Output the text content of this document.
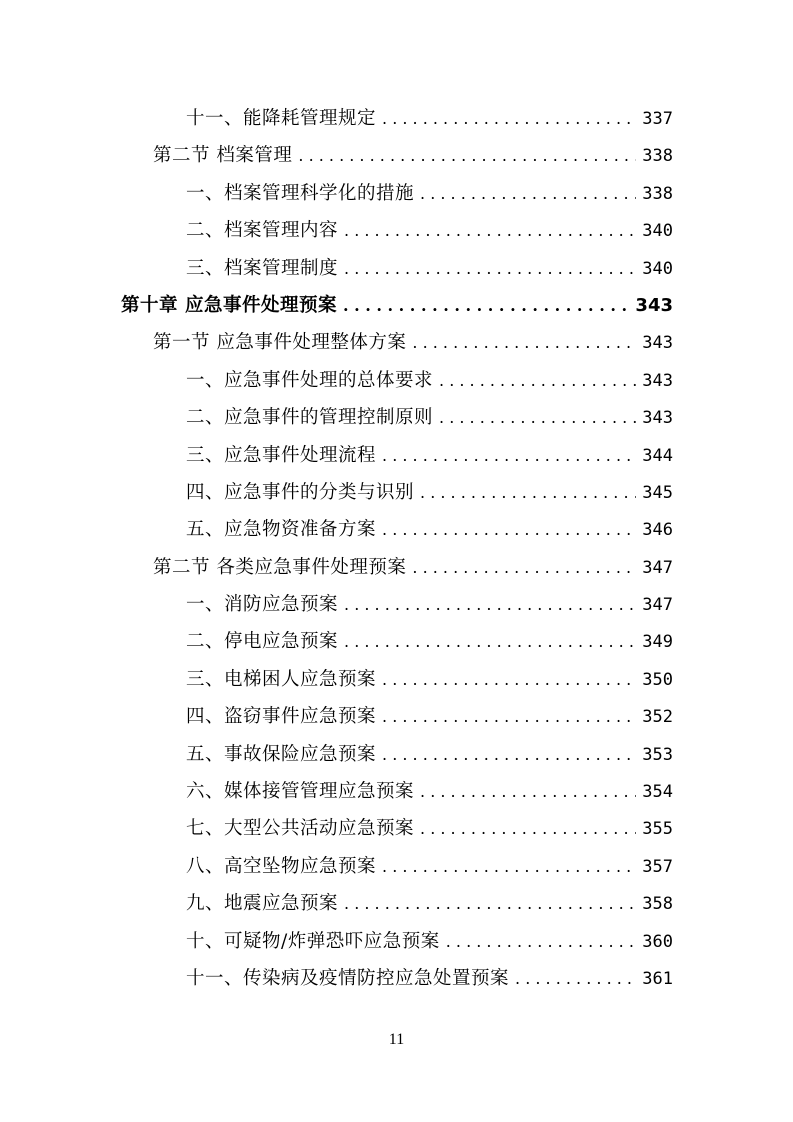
十一、能降耗管理规定 . . .	337
第二节 档案管理 . . .	338
一、档案管理科学化的措施 . . .	338
二、档案管理内容 . . .	340
三、档案管理制度 . . .	340
第十章 应急事件处理预案 . . .	343
第一节 应急事件处理整体方案 . . .	343
一、应急事件处理的总体要求 . . .	343
二、应急事件的管理控制原则 . . .	343
三、应急事件处理流程 . . .	344
四、应急事件的分类与识别 . . .	345
五、应急物资准备方案 . . .	346
第二节 各类应急事件处理预案 . . .	347
一、消防应急预案 . . .	347
二、停电应急预案 . . .	349
三、电梯困人应急预案 . . .	350
四、盗窃事件应急预案 . . .	352
五、事故保险应急预案 . . .	353
六、媒体接管管理应急预案 . . .	354
七、大型公共活动应急预案 . . .	355
八、高空坠物应急预案 . . .	357
九、地震应急预案 . . .	358
十、可疑物/炸弹恐吓应急预案 . . .	360
十一、传染病及疫情防控应急处置预案 . . .	361
11
